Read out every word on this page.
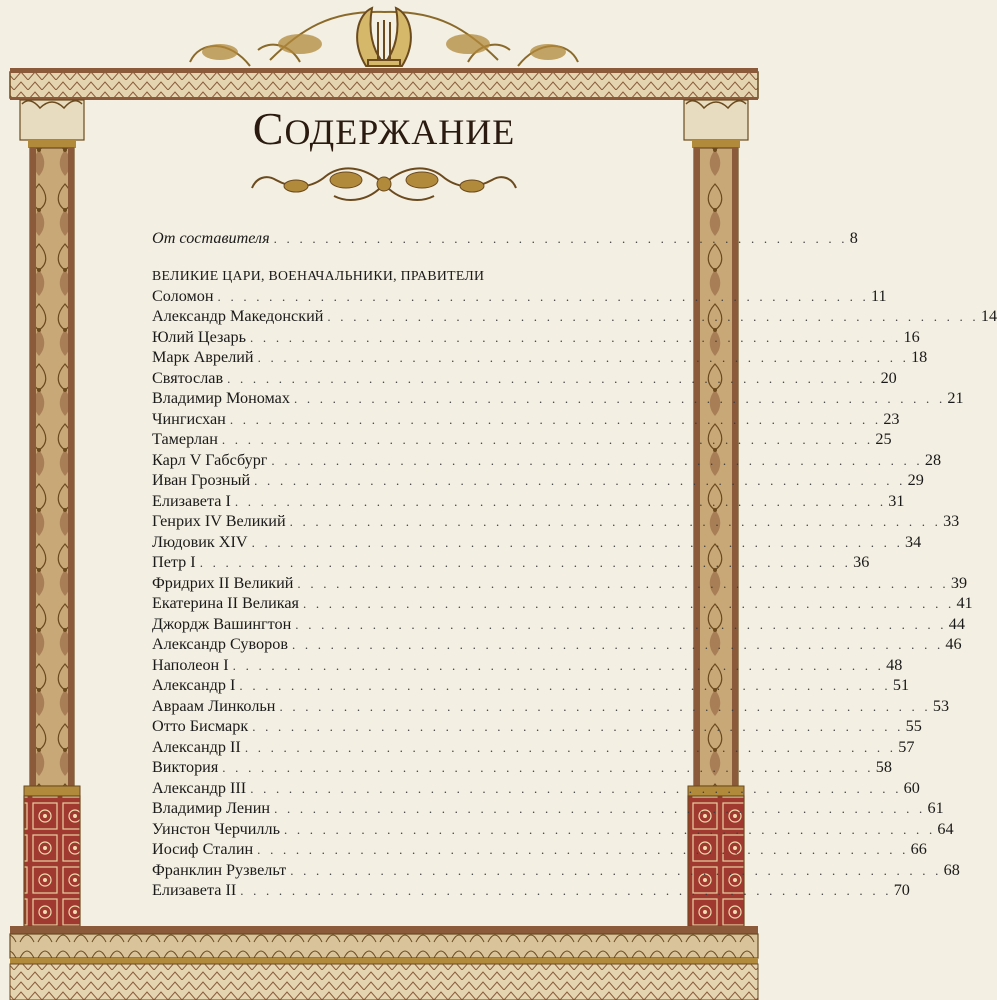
СОДЕРЖАНИЕ
От составителя . . . . . . . . . . . . . . . . . . . . . . . . . . . . . . . . . . . . . . . . . . . . . 8
ВЕЛИКИЕ ЦАРИ, ВОЕНАЧАЛЬНИКИ, ПРАВИТЕЛИ
Соломон . . . . . . . . . . . . . . . . . . . . . . . . . . . . . . . . . . . . . . . . . . . . . . . . . . . 11
Александр Македонский . . . . . . . . . . . . . . . . . . . . . . . . . . . . . . . . . . . . . . . . . . . . . . . . . . . 14
Юлий Цезарь . . . . . . . . . . . . . . . . . . . . . . . . . . . . . . . . . . . . . . . . . . . . . . . . . . . 16
Марк Аврелий . . . . . . . . . . . . . . . . . . . . . . . . . . . . . . . . . . . . . . . . . . . . . . . . . . . 18
Святослав . . . . . . . . . . . . . . . . . . . . . . . . . . . . . . . . . . . . . . . . . . . . . . . . . . . 20
Владимир Мономах . . . . . . . . . . . . . . . . . . . . . . . . . . . . . . . . . . . . . . . . . . . . . . . . . . . 21
Чингисхан . . . . . . . . . . . . . . . . . . . . . . . . . . . . . . . . . . . . . . . . . . . . . . . . . . . 23
Тамерлан . . . . . . . . . . . . . . . . . . . . . . . . . . . . . . . . . . . . . . . . . . . . . . . . . . . 25
Карл V Габсбург . . . . . . . . . . . . . . . . . . . . . . . . . . . . . . . . . . . . . . . . . . . . . . . . . . . 28
Иван Грозный . . . . . . . . . . . . . . . . . . . . . . . . . . . . . . . . . . . . . . . . . . . . . . . . . . . 29
Елизавета I . . . . . . . . . . . . . . . . . . . . . . . . . . . . . . . . . . . . . . . . . . . . . . . . . . . 31
Генрих IV Великий . . . . . . . . . . . . . . . . . . . . . . . . . . . . . . . . . . . . . . . . . . . . . . . . . . . 33
Людовик XIV . . . . . . . . . . . . . . . . . . . . . . . . . . . . . . . . . . . . . . . . . . . . . . . . . . . 34
Петр I . . . . . . . . . . . . . . . . . . . . . . . . . . . . . . . . . . . . . . . . . . . . . . . . . . . 36
Фридрих II Великий . . . . . . . . . . . . . . . . . . . . . . . . . . . . . . . . . . . . . . . . . . . . . . . . . . . 39
Екатерина II Великая . . . . . . . . . . . . . . . . . . . . . . . . . . . . . . . . . . . . . . . . . . . . . . . . . . . 41
Джордж Вашингтон . . . . . . . . . . . . . . . . . . . . . . . . . . . . . . . . . . . . . . . . . . . . . . . . . . . 44
Александр Суворов . . . . . . . . . . . . . . . . . . . . . . . . . . . . . . . . . . . . . . . . . . . . . . . . . . . 46
Наполеон I . . . . . . . . . . . . . . . . . . . . . . . . . . . . . . . . . . . . . . . . . . . . . . . . . . . 48
Александр I . . . . . . . . . . . . . . . . . . . . . . . . . . . . . . . . . . . . . . . . . . . . . . . . . . . 51
Авраам Линкольн . . . . . . . . . . . . . . . . . . . . . . . . . . . . . . . . . . . . . . . . . . . . . . . . . . . 53
Отто Бисмарк . . . . . . . . . . . . . . . . . . . . . . . . . . . . . . . . . . . . . . . . . . . . . . . . . . . 55
Александр II . . . . . . . . . . . . . . . . . . . . . . . . . . . . . . . . . . . . . . . . . . . . . . . . . . . 57
Виктория . . . . . . . . . . . . . . . . . . . . . . . . . . . . . . . . . . . . . . . . . . . . . . . . . . . 58
Александр III . . . . . . . . . . . . . . . . . . . . . . . . . . . . . . . . . . . . . . . . . . . . . . . . . . . 60
Владимир Ленин . . . . . . . . . . . . . . . . . . . . . . . . . . . . . . . . . . . . . . . . . . . . . . . . . . . 61
Уинстон Черчилль . . . . . . . . . . . . . . . . . . . . . . . . . . . . . . . . . . . . . . . . . . . . . . . . . . . 64
Иосиф Сталин . . . . . . . . . . . . . . . . . . . . . . . . . . . . . . . . . . . . . . . . . . . . . . . . . . . 66
Франклин Рузвельт . . . . . . . . . . . . . . . . . . . . . . . . . . . . . . . . . . . . . . . . . . . . . . . . . . . 68
Елизавета II . . . . . . . . . . . . . . . . . . . . . . . . . . . . . . . . . . . . . . . . . . . . . . . . . . . 70
